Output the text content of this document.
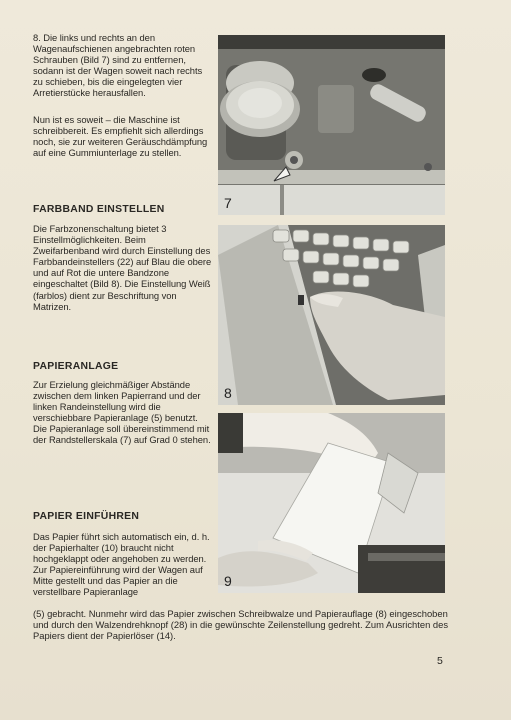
8. Die links und rechts an den Wagenaufschienen angebrachten roten Schrauben (Bild 7) sind zu entfernen, sodann ist der Wagen soweit nach rechts zu schieben, bis die eingelegten vier Arretierstücke herausfallen.

Nun ist es soweit – die Maschine ist schreibbereit. Es empfiehlt sich allerdings noch, sie zur weiteren Geräuschdämpfung auf eine Gummiunterlage zu stellen.

FARBBAND EINSTELLEN

Die Farbzonenschaltung bietet 3 Einstellmöglichkeiten. Beim Zweifarbenband wird durch Einstellung des Farbbandeinstellers (22) auf Blau die obere und auf Rot die untere Bandzone eingeschaltet (Bild 8). Die Einstellung Weiß (farblos) dient zur Beschriftung von Matrizen.

PAPIERANLAGE

Zur Erzielung gleichmäßiger Abstände zwischen dem linken Papierrand und der linken Randeinstellung wird die verschiebbare Papieranlage (5) benutzt. Die Papieranlage soll übereinstimmend mit der Randstellerskala (7) auf Grad 0 stehen.

PAPIER EINFÜHREN

Das Papier führt sich automatisch ein, d. h. der Papierhalter (10) braucht nicht hochgeklappt oder angehoben zu werden. Zur Papiereinführung wird der Wagen auf Mitte gestellt und das Papier an die verstellbare Papieranlage

(5) gebracht. Nunmehr wird das Papier zwischen Schreibwalze und Papierauflage (8) eingeschoben und durch den Walzendrehknopf (28) in die gewünschte Zeilenstellung gedreht. Zum Ausrichten des Papiers dient der Papierlöser (14).

7
8
9
5
